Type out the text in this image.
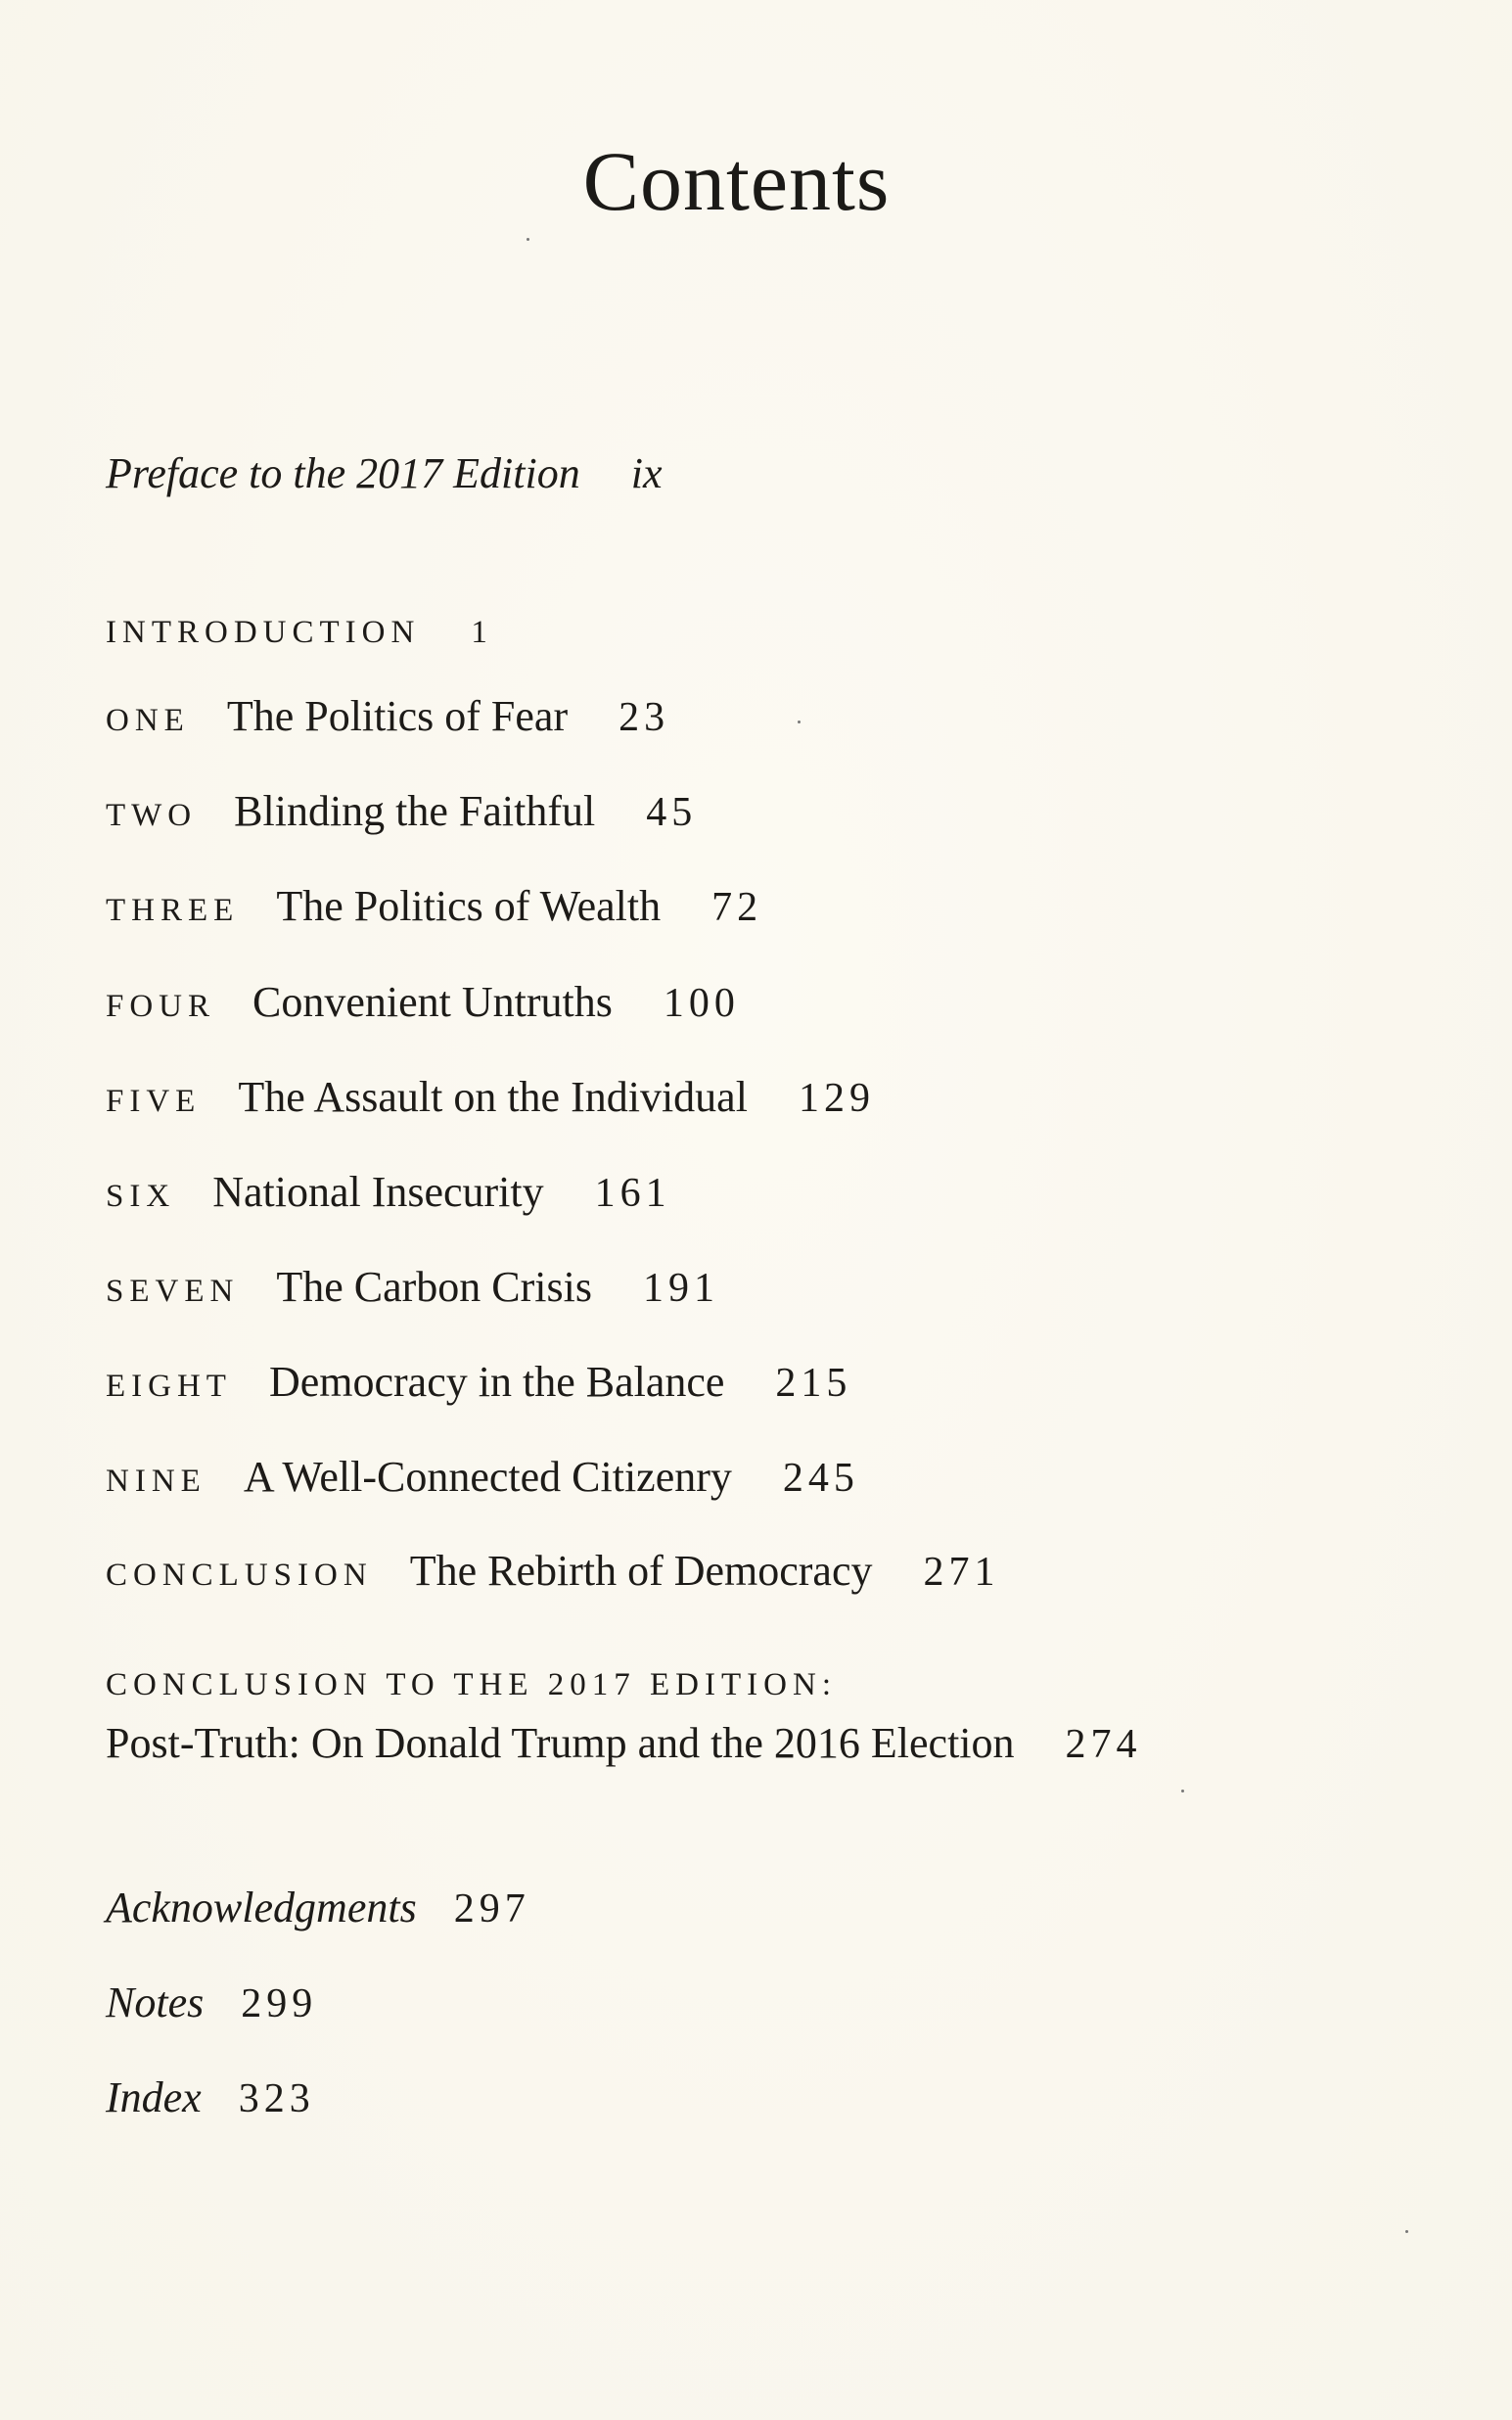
Contents
Preface to the 2017 Edition ix
INTRODUCTION 1
ONE The Politics of Fear 23
TWO Blinding the Faithful 45
THREE The Politics of Wealth 72
FOUR Convenient Untruths 100
FIVE The Assault on the Individual 129
SIX National Insecurity 161
SEVEN The Carbon Crisis 191
EIGHT Democracy in the Balance 215
NINE A Well-Connected Citizenry 245
CONCLUSION The Rebirth of Democracy 271
CONCLUSION TO THE 2017 EDITION:
Post-Truth: On Donald Trump and the 2016 Election 274
Acknowledgments 297
Notes 299
Index 323
